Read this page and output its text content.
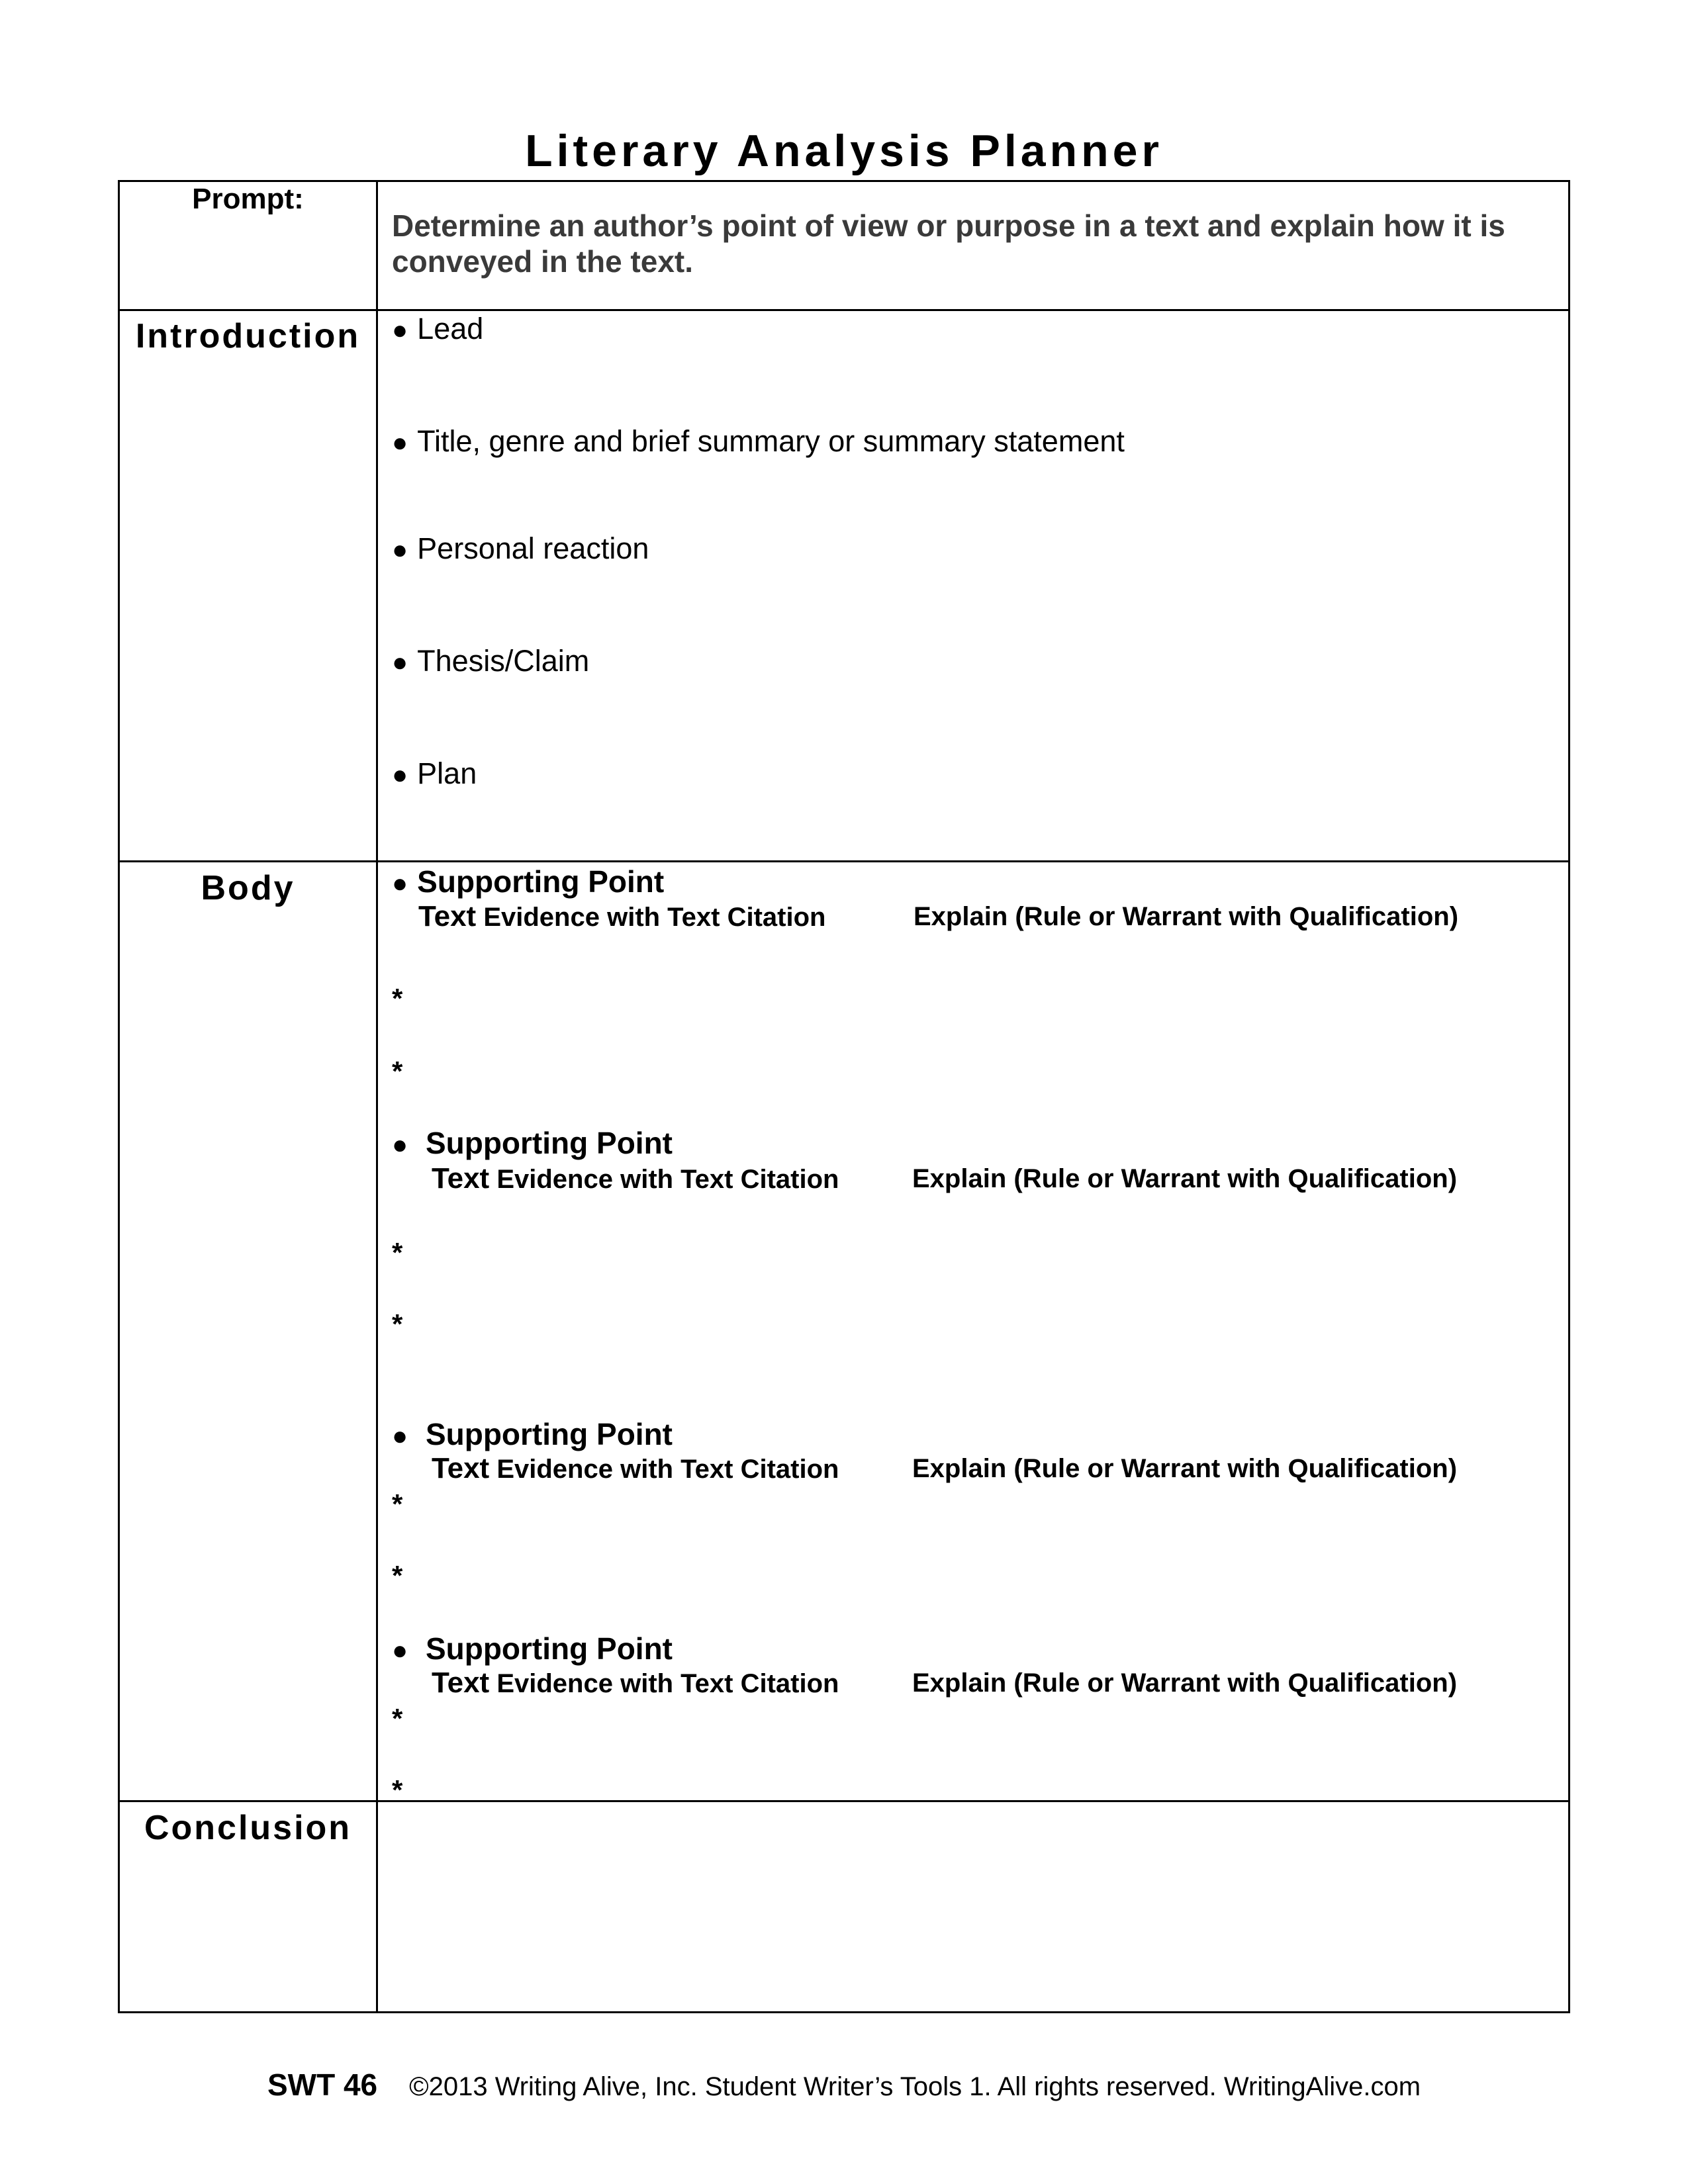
Literary Analysis Planner
Prompt:
Determine an author’s point of view or purpose in a text and explain how it is conveyed in the text.
Introduction	● Lead
● Title, genre and brief summary or summary statement
● Personal reaction
● Thesis/Claim
● Plan
Body	● Supporting Point
Text Evidence with Text Citation	Explain (Rule or Warrant with Qualification)
*
*
● Supporting Point
Text Evidence with Text Citation	Explain (Rule or Warrant with Qualification)
*
*
● Supporting Point
Text Evidence with Text Citation	Explain (Rule or Warrant with Qualification)
*
*
● Supporting Point
Text Evidence with Text Citation	Explain (Rule or Warrant with Qualification)
*
*
Conclusion
SWT 46 ©2013 Writing Alive, Inc. Student Writer’s Tools 1. All rights reserved. WritingAlive.com
